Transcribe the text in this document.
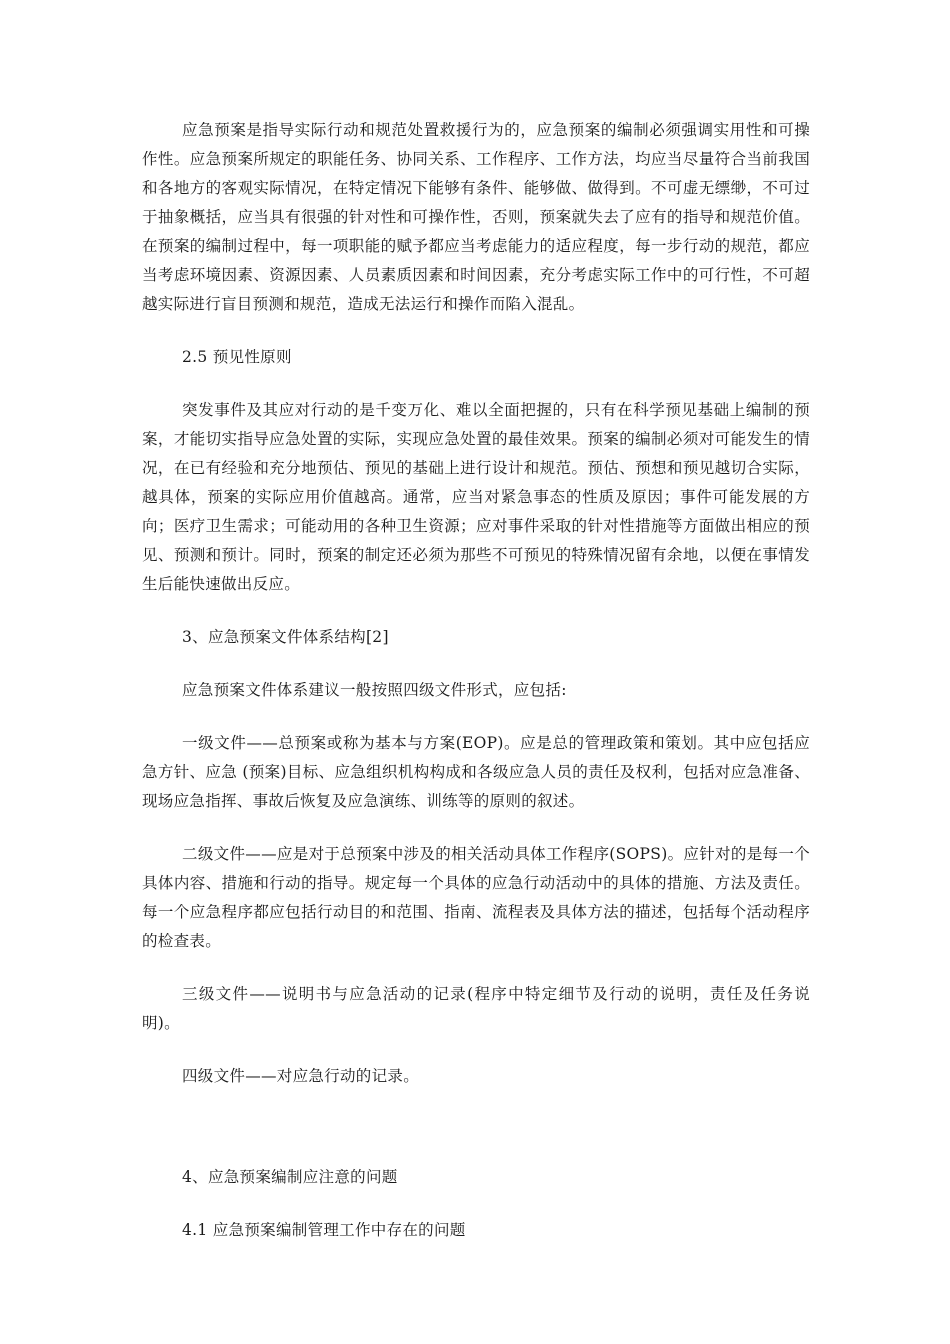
应急预案是指导实际行动和规范处置救援行为的，应急预案的编制必须强调实用性和可操作性。应急预案所规定的职能任务、协同关系、工作程序、工作方法，均应当尽量符合当前我国和各地方的客观实际情况，在特定情况下能够有条件、能够做、做得到。不可虚无缥缈，不可过于抽象概括，应当具有很强的针对性和可操作性，否则，预案就失去了应有的指导和规范价值。在预案的编制过程中，每一项职能的赋予都应当考虑能力的适应程度，每一步行动的规范，都应当考虑环境因素、资源因素、人员素质因素和时间因素，充分考虑实际工作中的可行性，不可超越实际进行盲目预测和规范，造成无法运行和操作而陷入混乱。

2.5 预见性原则

突发事件及其应对行动的是千变万化、难以全面把握的，只有在科学预见基础上编制的预案，才能切实指导应急处置的实际，实现应急处置的最佳效果。预案的编制必须对可能发生的情况，在已有经验和充分地预估、预见的基础上进行设计和规范。预估、预想和预见越切合实际，越具体，预案的实际应用价值越高。通常，应当对紧急事态的性质及原因；事件可能发展的方向；医疗卫生需求；可能动用的各种卫生资源；应对事件采取的针对性措施等方面做出相应的预见、预测和预计。同时，预案的制定还必须为那些不可预见的特殊情况留有余地，以便在事情发生后能快速做出反应。

3、应急预案文件体系结构[2]

应急预案文件体系建议一般按照四级文件形式，应包括:

一级文件——总预案或称为基本与方案(EOP)。应是总的管理政策和策划。其中应包括应急方针、应急 (预案)目标、应急组织机构构成和各级应急人员的责任及权利，包括对应急准备、现场应急指挥、事故后恢复及应急演练、训练等的原则的叙述。

二级文件——应是对于总预案中涉及的相关活动具体工作程序(SOPS)。应针对的是每一个具体内容、措施和行动的指导。规定每一个具体的应急行动活动中的具体的措施、方法及责任。每一个应急程序都应包括行动目的和范围、指南、流程表及具体方法的描述，包括每个活动程序的检查表。

三级文件——说明书与应急活动的记录(程序中特定细节及行动的说明，责任及任务说明)。

四级文件——对应急行动的记录。

4、应急预案编制应注意的问题

4.1 应急预案编制管理工作中存在的问题
